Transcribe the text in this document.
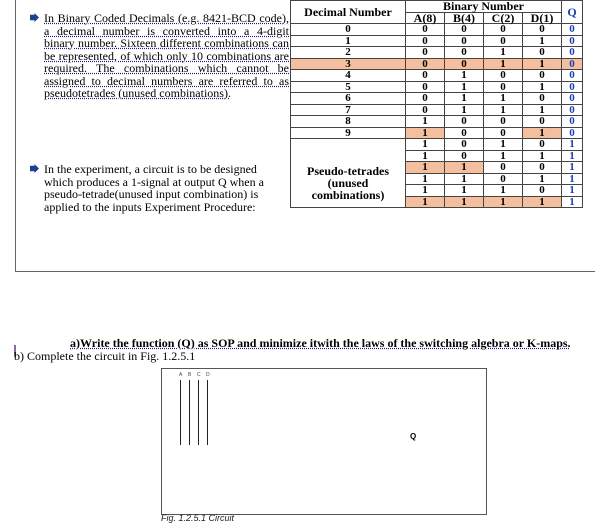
In Binary Coded Decimals (e.g. 8421-BCD code), a decimal number is converted into a 4-digit binary number. Sixteen different combinations can be represented, of which only 10 combinations are required. The combinations which cannot be assigned to decimal numbers are referred to as pseudotetrades (unused combinations).

In the experiment, a circuit is to be designed which produces a 1-signal at output Q when a pseudo-tetrade(unused input combination) is applied to the inputs Experiment Procedure:

Decimal Number	Binary Number				Q
	A(8)	B(4)	C(2)	D(1)	
0	0	0	0	0	0
1	0	0	0	1	0
2	0	0	1	0	0
3	0	0	1	1	0
4	0	1	0	0	0
5	0	1	0	1	0
6	0	1	1	0	0
7	0	1	1	1	0
8	1	0	0	0	0
9	1	0	0	1	0
Pseudo-tetrades (unused combinations)	1	0	1	0	1
	1	0	1	1	1
	1	1	0	0	1
	1	1	0	1	1
	1	1	1	0	1
	1	1	1	1	1
a)Write the function (Q) as SOP and minimize itwith the laws of the switching algebra or K-maps.
b) Complete the circuit in Fig. 1.2.5.1
A B C D
Q
Fig. 1.2.5.1 Circuit
